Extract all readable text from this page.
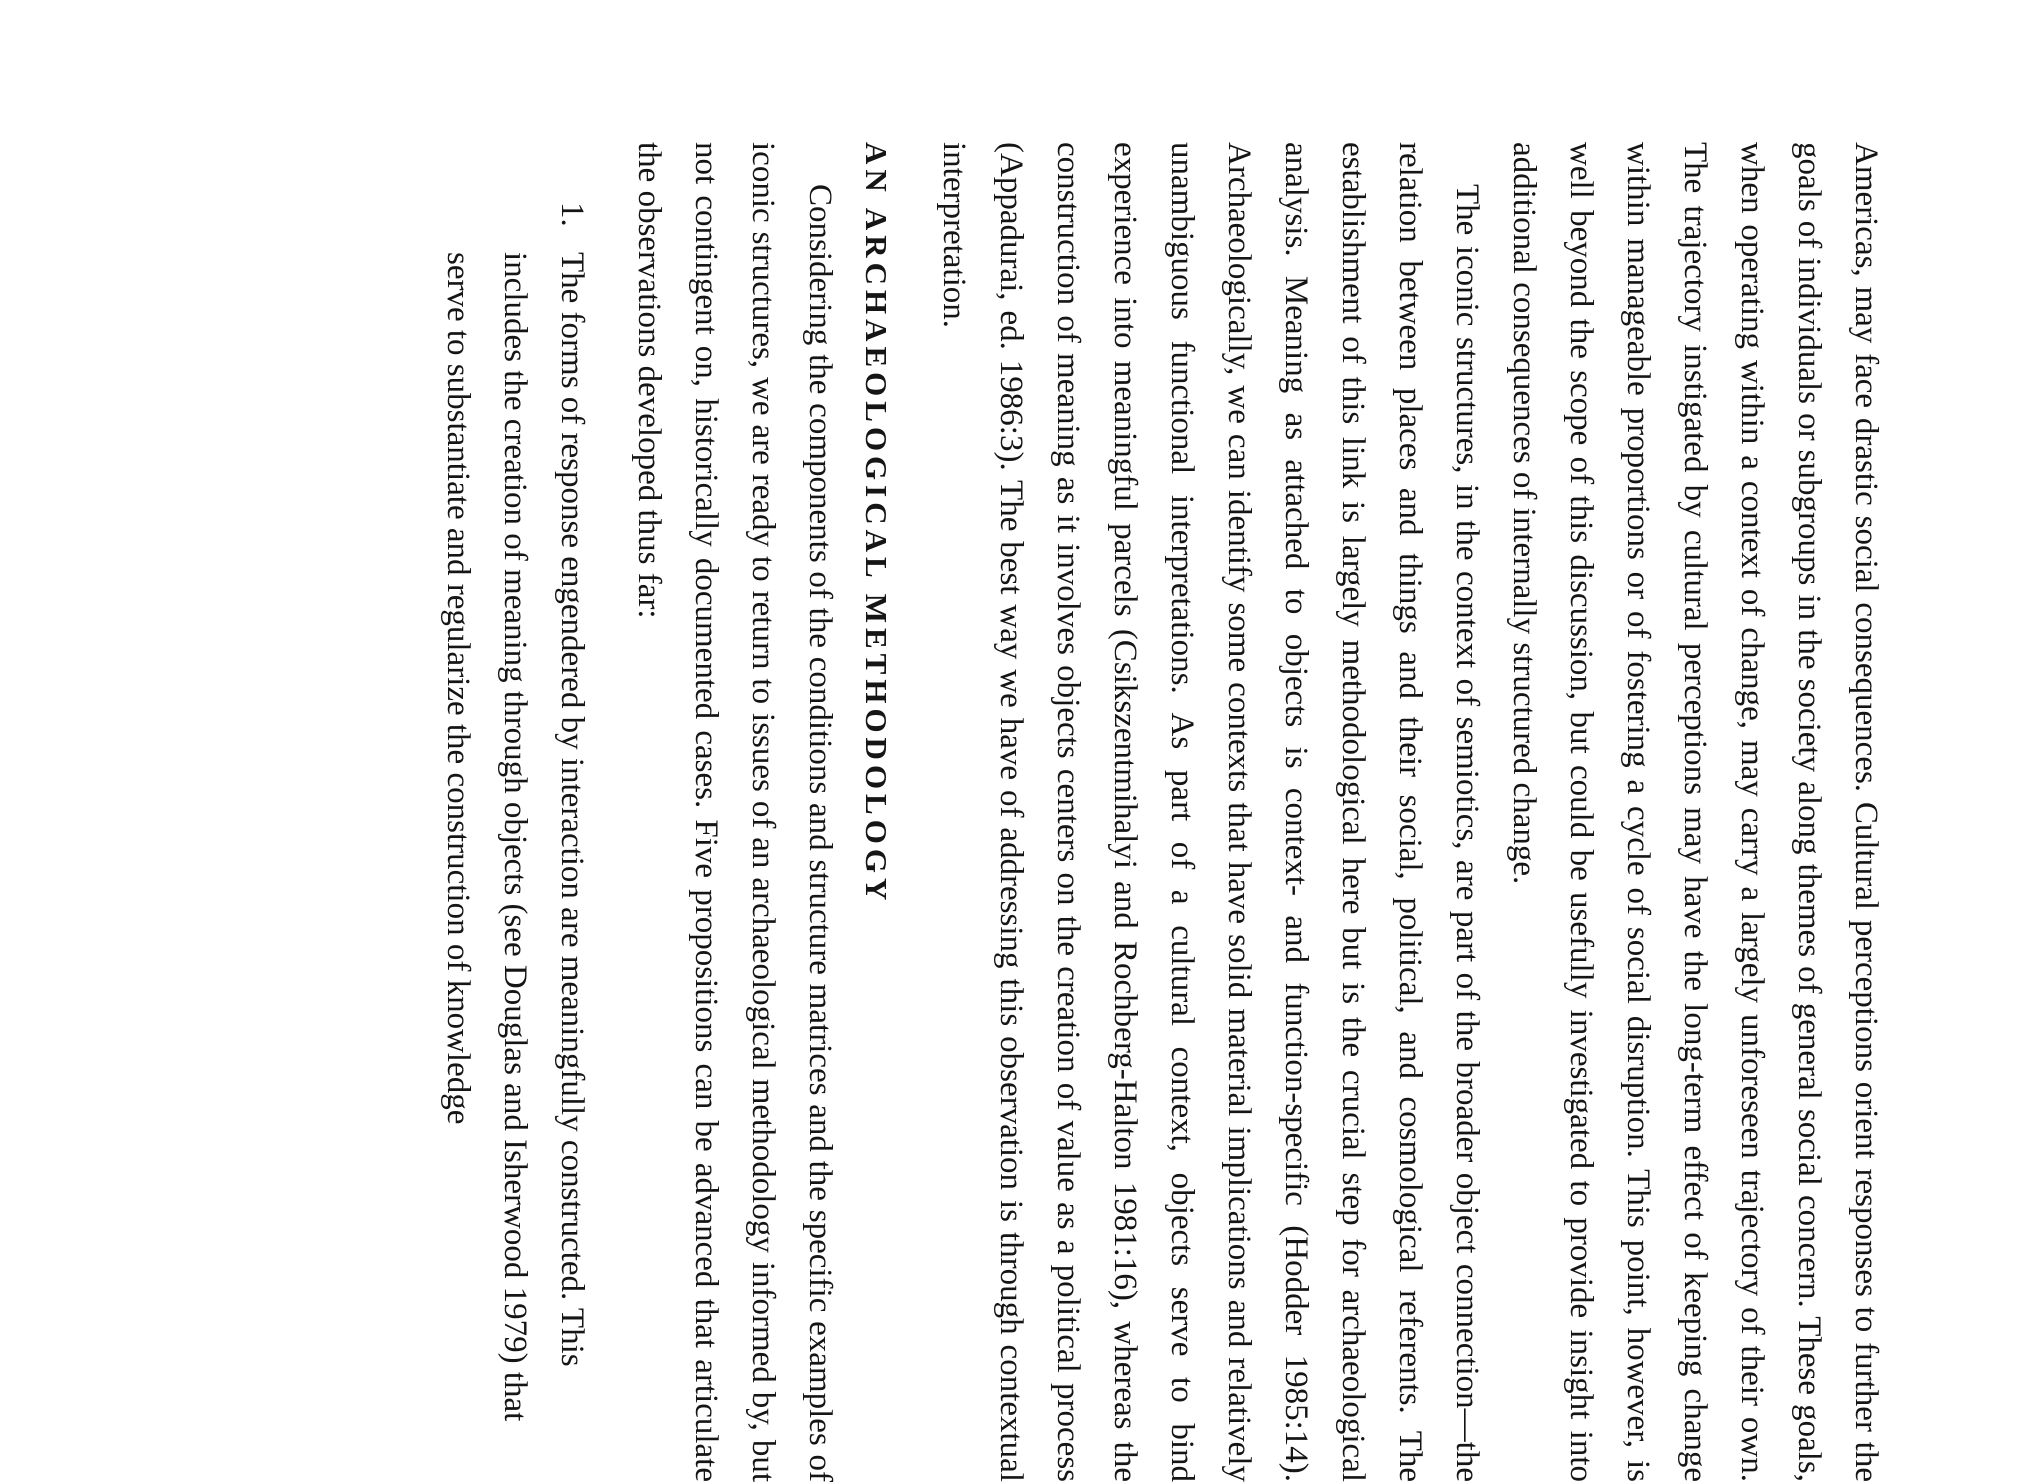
Americas, may face drastic social consequences. Cultural perceptions orient responses to further the goals of individuals or subgroups in the society along themes of general social concern. These goals, when operating within a context of change, may carry a largely unforeseen trajectory of their own. The trajectory instigated by cultural perceptions may have the long-term effect of keeping change within manageable proportions or of fostering a cycle of social disruption. This point, however, is well beyond the scope of this discussion, but could be usefully investigated to provide insight into additional consequences of internally structured change.

The iconic structures, in the context of semiotics, are part of the broader object connection—the relation between places and things and their social, political, and cosmological referents. The establishment of this link is largely methodological here but is the crucial step for archaeological analysis. Meaning as attached to objects is context- and function-specific (Hodder 1985:14). Archaeologically, we can identify some contexts that have solid material implications and relatively unambiguous functional interpretations. As part of a cultural context, objects serve to bind experience into meaningful parcels (Csikszentmihalyi and Rochberg-Halton 1981:16), whereas the construction of meaning as it involves objects centers on the creation of value as a political process (Appadurai, ed. 1986:3). The best way we have of addressing this observation is through contextual interpretation.

AN ARCHAEOLOGICAL METHODOLOGY

Considering the components of the conditions and structure matrices and the specific examples of iconic structures, we are ready to return to issues of an archaeological methodology informed by, but not contingent on, historically documented cases. Five propositions can be advanced that articulate the observations developed thus far:

1.The forms of response engendered by interaction are meaningfully constructed. This includes the creation of meaning through objects (see Douglas and Isherwood 1979) that serve to substantiate and regularize the construction of knowledge
